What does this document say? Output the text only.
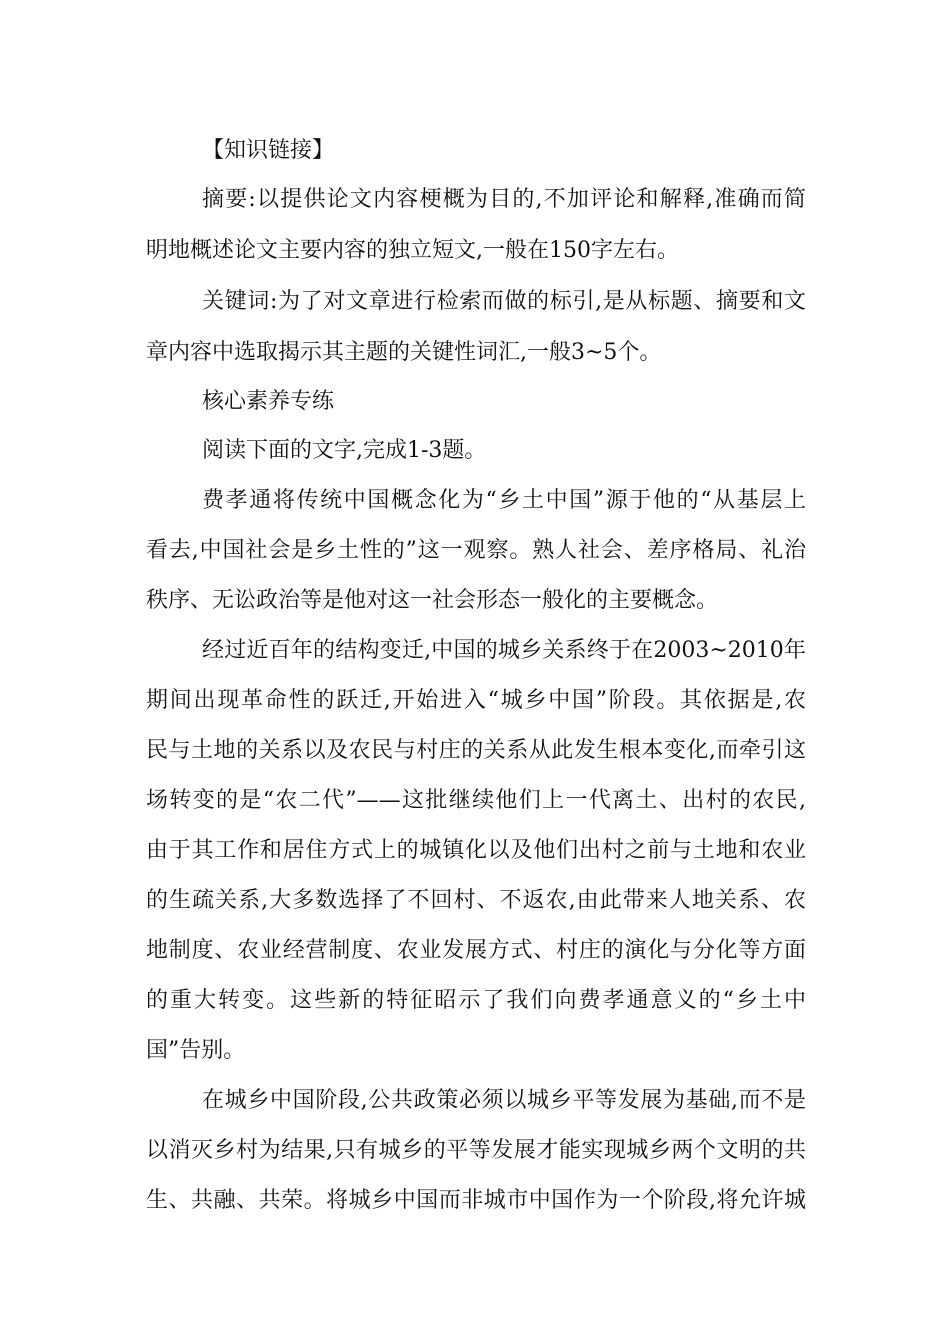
【知识链接】
摘要:以提供论文内容梗概为目的,不加评论和解释,准确而简
明地概述论文主要内容的独立短文,一般在150字左右。
关键词:为了对文章进行检索而做的标引,是从标题、摘要和文
章内容中选取揭示其主题的关键性词汇,一般3~5个。
核心素养专练
阅读下面的文字,完成1-3题。
费孝通将传统中国概念化为“乡土中国”源于他的“从基层上
看去,中国社会是乡土性的”这一观察。熟人社会、差序格局、礼治
秩序、无讼政治等是他对这一社会形态一般化的主要概念。
经过近百年的结构变迁,中国的城乡关系终于在2003~2010年
期间出现革命性的跃迁,开始进入“城乡中国”阶段。其依据是,农
民与土地的关系以及农民与村庄的关系从此发生根本变化,而牵引这
场转变的是“农二代”——这批继续他们上一代离土、出村的农民,
由于其工作和居住方式上的城镇化以及他们出村之前与土地和农业
的生疏关系,大多数选择了不回村、不返农,由此带来人地关系、农
地制度、农业经营制度、农业发展方式、村庄的演化与分化等方面
的重大转变。这些新的特征昭示了我们向费孝通意义的“乡土中
国”告别。
在城乡中国阶段,公共政策必须以城乡平等发展为基础,而不是
以消灭乡村为结果,只有城乡的平等发展才能实现城乡两个文明的共
生、共融、共荣。将城乡中国而非城市中国作为一个阶段,将允许城
